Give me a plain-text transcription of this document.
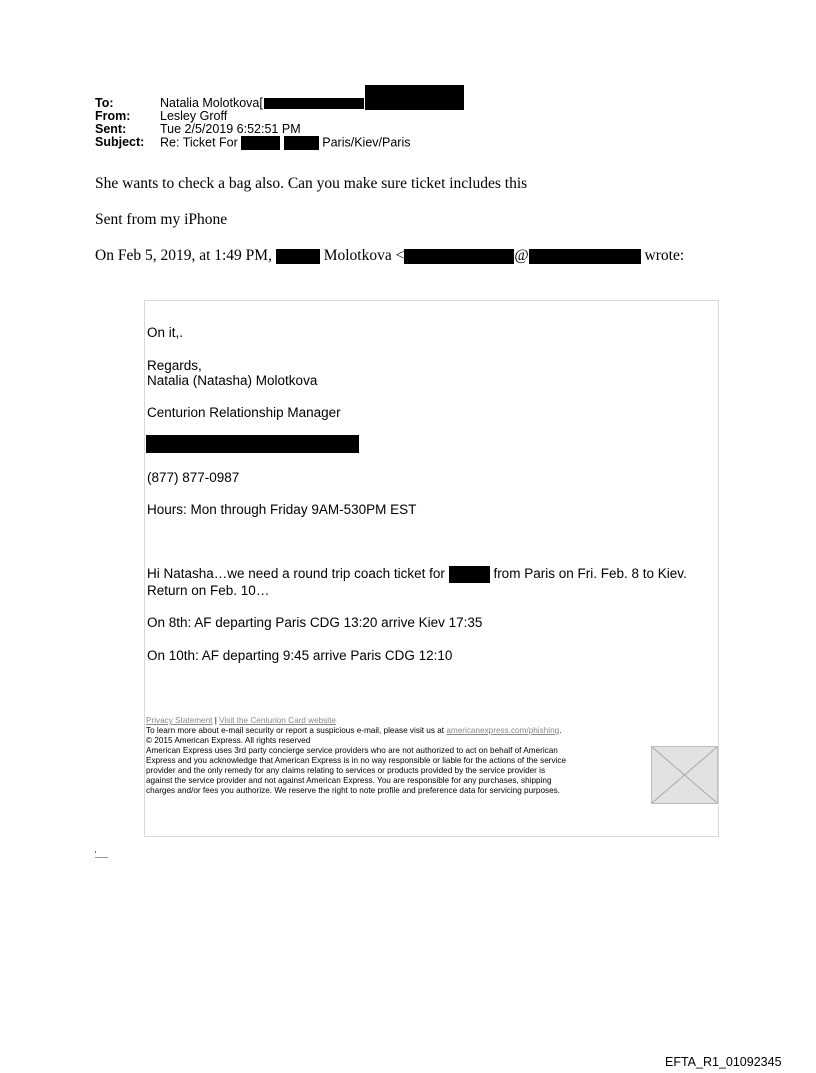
To:	Natalia Molotkova[
From: Lesley Groff
Sent:	Tue 2/5/2019 6:52:51 PM
Subject: Re: Ticket For	Paris/Kiev/Paris
She wants to check a bag also. Can you make sure ticket includes this
Sent from my iPhone
On Feb 5, 2019, at 1:49 PM,	Molotkova <	@	wrote:
On it,.
Regards,
Natalia (Natasha) Molotkova
Centurion Relationship Manager
(877) 877-0987
Hours: Mon through Friday 9AM-530PM EST
Hi Natasha…we need a round trip coach ticket for	from Paris on Fri. Feb. 8 to Kiev.
Return on Feb. 10…
On 8th: AF departing Paris CDG 13:20 arrive Kiev 17:35
On 10th: AF departing 9:45 arrive Paris CDG 12:10
Privacy Statement | Visit the Centurion Card website
To learn more about e-mail security or report a suspicious e-mail, please visit us at americanexpress.com/phishing.
© 2015 American Express. All rights reserved
American Express uses 3rd party concierge service providers who are not authorized to act on behalf of American
Express and you acknowledge that American Express is in no way responsible or liable for the actions of the service
provider and the only remedy for any claims relating to services or products provided by the service provider is
against the service provider and not against American Express. You are responsible for any purchases, shipping
charges and/or fees you authorize. We reserve the right to note profile and preference data for servicing purposes.
EFTA_R1_01092345
